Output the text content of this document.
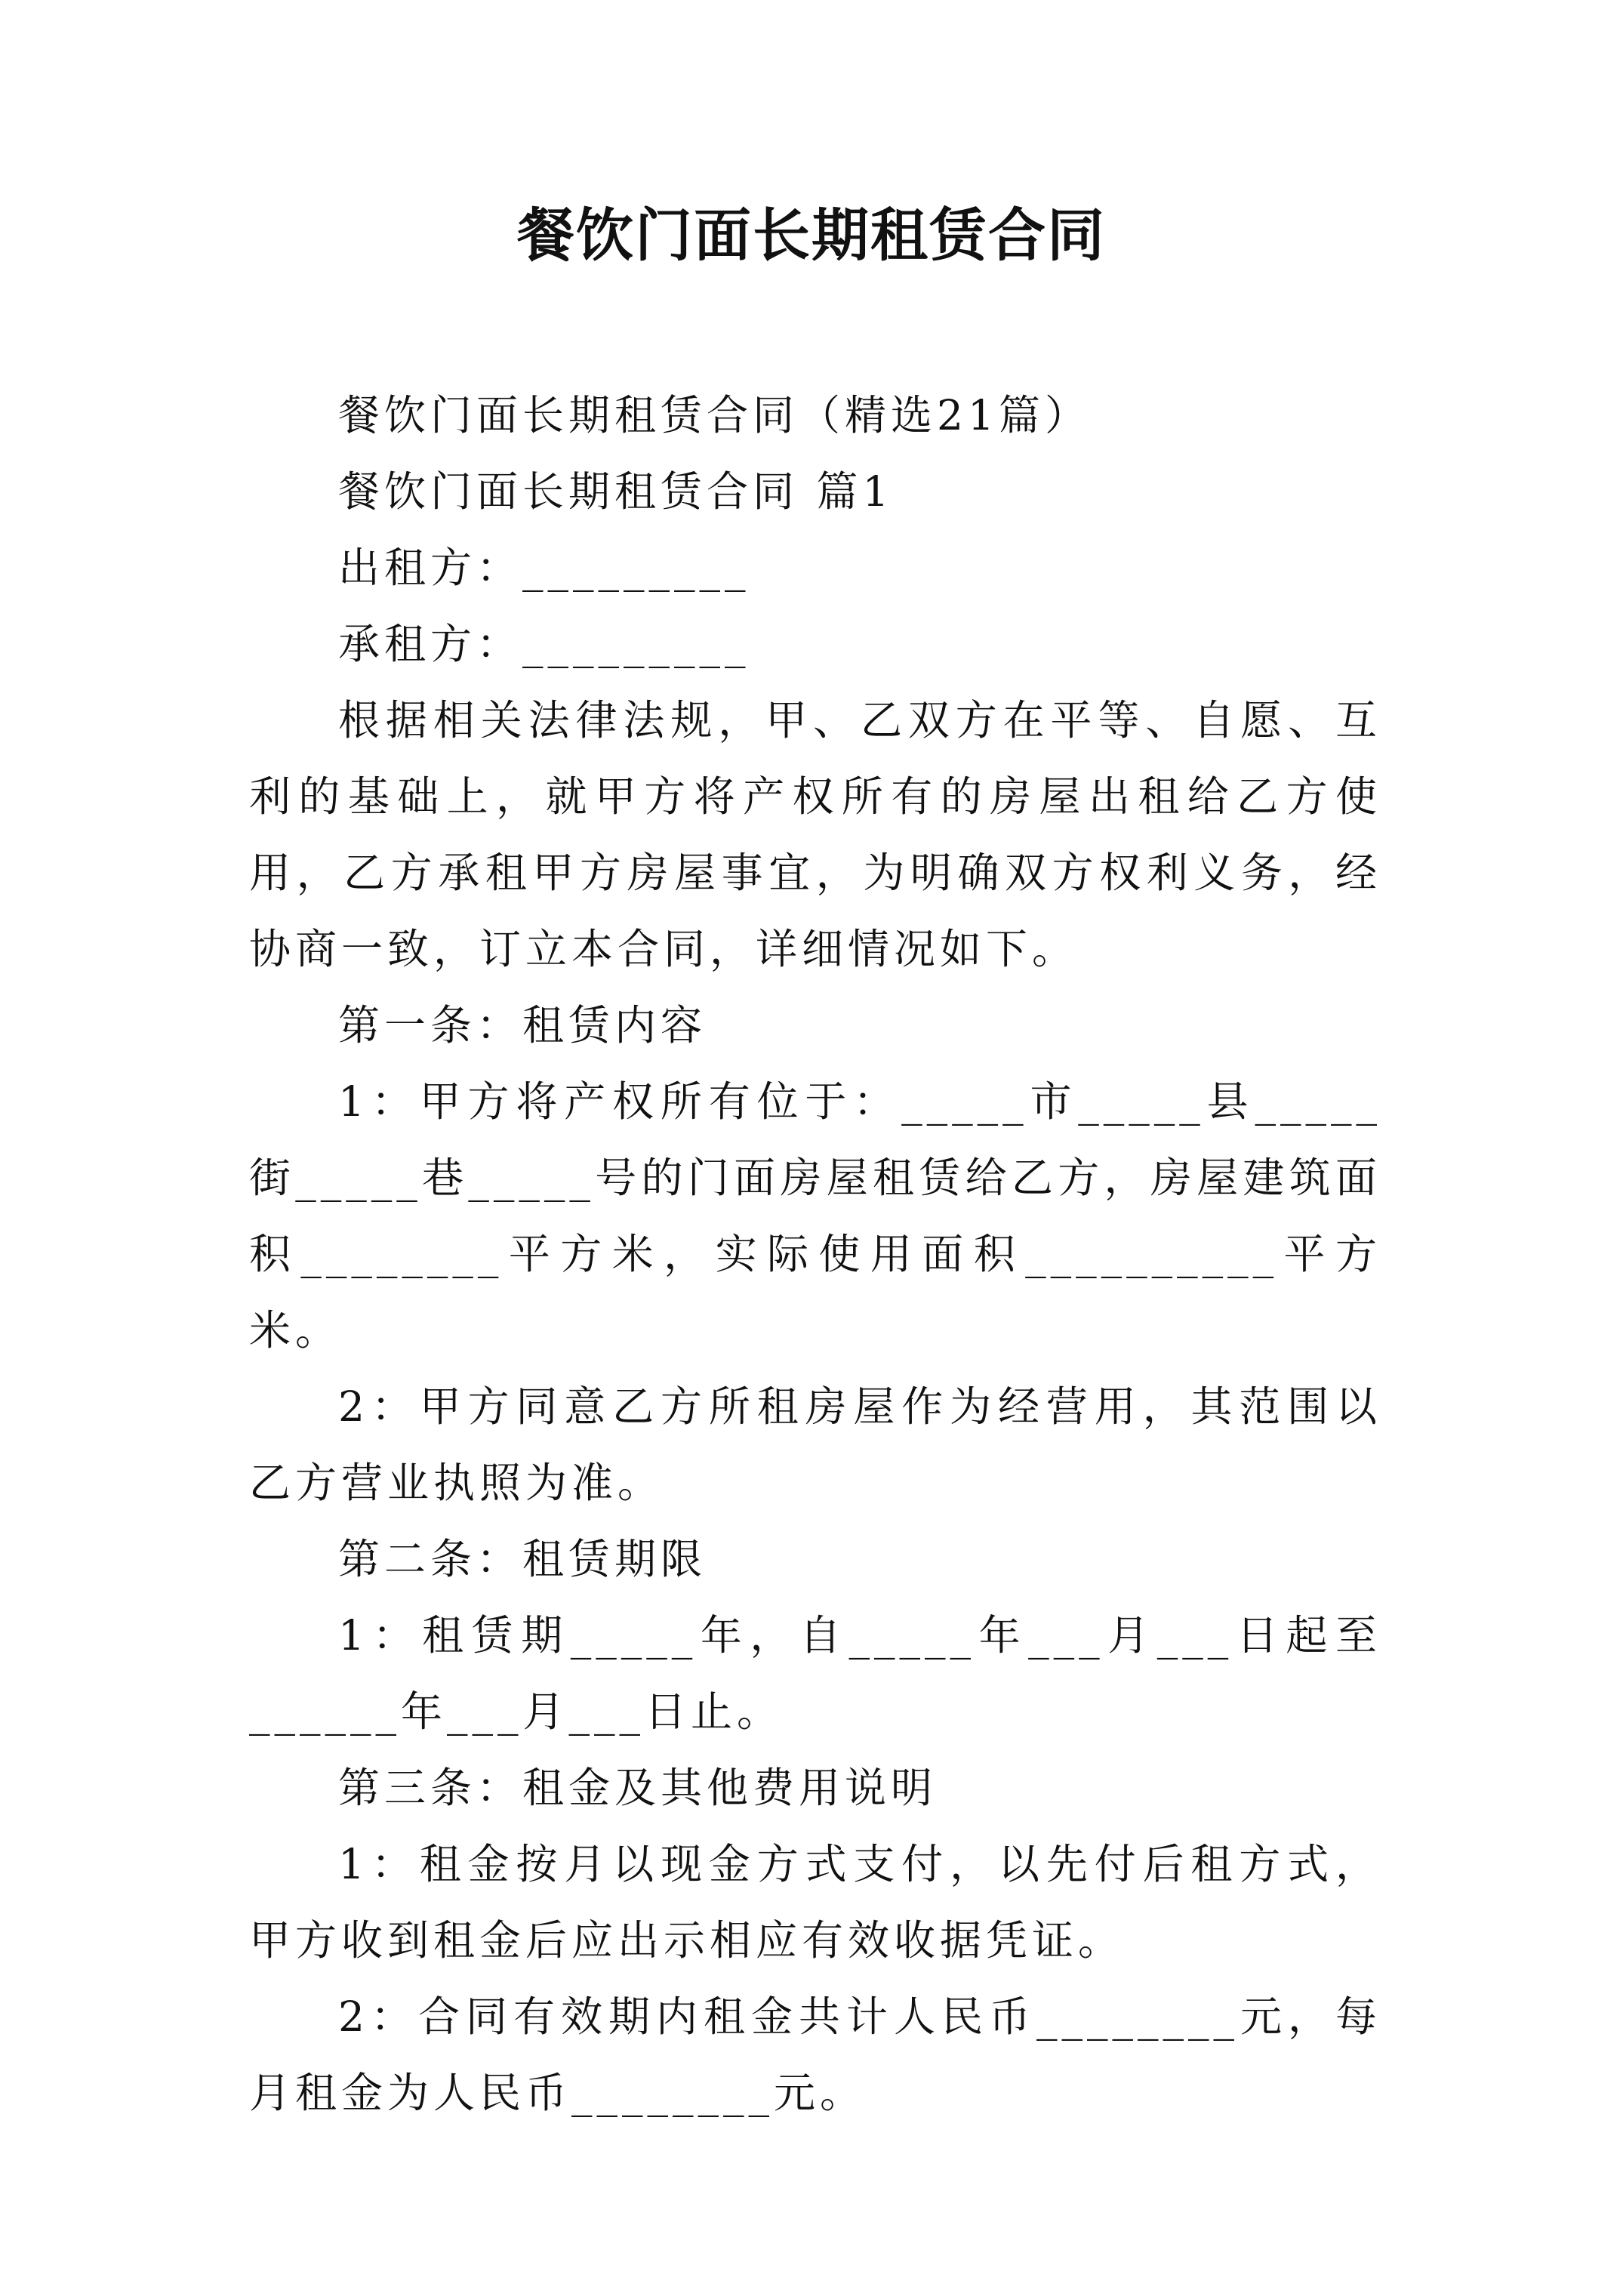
餐饮门面长期租赁合同

餐饮门面长期租赁合同（精选21篇）

餐饮门面长期租赁合同 篇1

出租方：_________

承租方：_________

根据相关法律法规，甲、乙双方在平等、自愿、互利的基础上，就甲方将产权所有的房屋出租给乙方使用，乙方承租甲方房屋事宜，为明确双方权利义务，经协商一致，订立本合同，详细情况如下。

第一条：租赁内容

1：甲方将产权所有位于：_____市_____县_____街_____巷_____号的门面房屋租赁给乙方，房屋建筑面积________平方米，实际使用面积__________平方米。

2：甲方同意乙方所租房屋作为经营用，其范围以乙方营业执照为准。

第二条：租赁期限

1：租赁期_____年，自_____年___月___日起至______年___月___日止。

第三条：租金及其他费用说明

1：租金按月以现金方式支付，以先付后租方式，甲方收到租金后应出示相应有效收据凭证。

2：合同有效期内租金共计人民币________元，每月租金为人民币________元。
